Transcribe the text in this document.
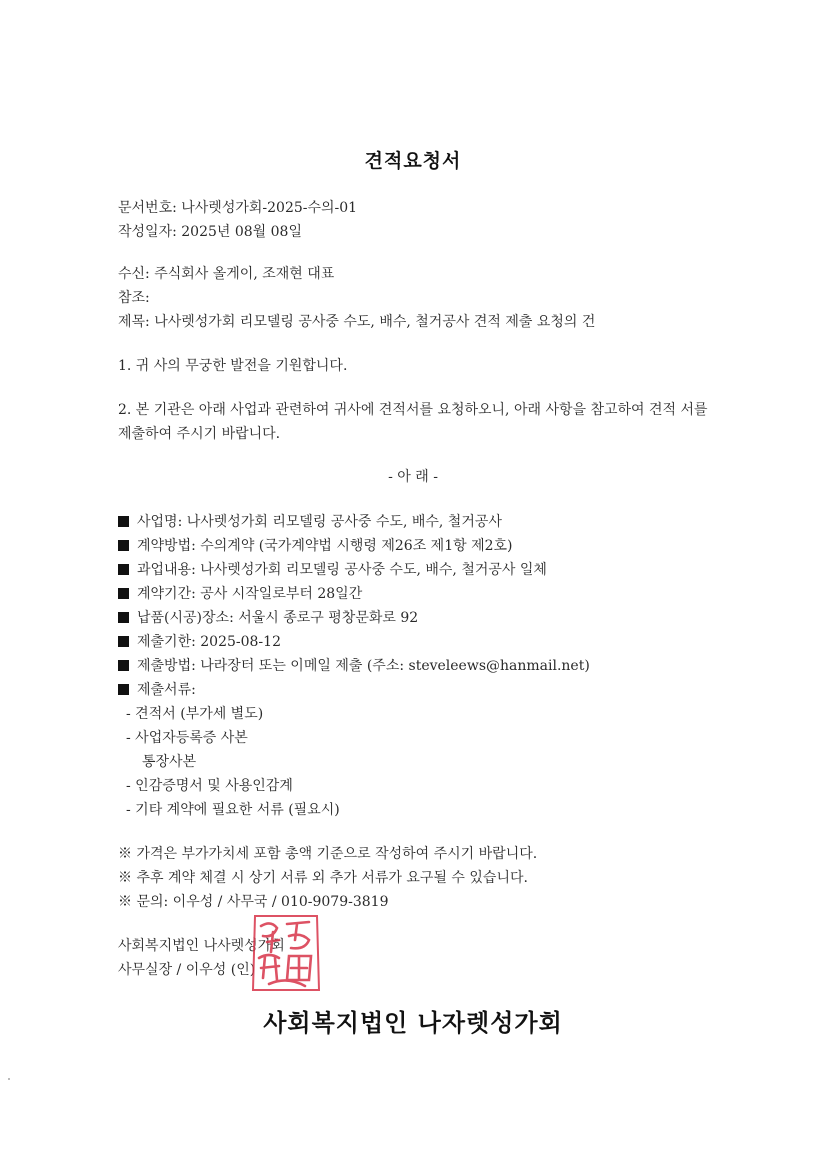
견적요청서
문서번호: 나사렛성가회-2025-수의-01
작성일자: 2025년 08월 08일
수신: 주식회사 올게이, 조재현 대표
참조:
제목: 나사렛성가회 리모델링 공사중 수도, 배수, 철거공사 견적 제출 요청의 건
1. 귀 사의 무궁한 발전을 기원합니다.
2. 본 기관은 아래 사업과 관련하여 귀사에 견적서를 요청하오니, 아래 사항을 참고하여 견적 서를 제출하여 주시기 바랍니다.
- 아 래 -
사업명: 나사렛성가회 리모델링 공사중 수도, 배수, 철거공사
계약방법: 수의계약 (국가계약법 시행령 제26조 제1항 제2호)
과업내용: 나사렛성가회 리모델링 공사중 수도, 배수, 철거공사 일체
계약기간: 공사 시작일로부터 28일간
납품(시공)장소: 서울시 종로구 평창문화로 92
제출기한: 2025-08-12
제출방법: 나라장터 또는 이메일 제출 (주소: steveleews@hanmail.net)
제출서류:
- 견적서 (부가세 별도)
- 사업자등록증 사본
통장사본
- 인감증명서 및 사용인감계
- 기타 계약에 필요한 서류 (필요시)
※ 가격은 부가가치세 포함 총액 기준으로 작성하여 주시기 바랍니다.
※ 추후 계약 체결 시 상기 서류 외 추가 서류가 요구될 수 있습니다.
※ 문의: 이우성 / 사무국 / 010-9079-3819
사회복지법인 나사렛성가회
사무실장 / 이우성 (인)
사회복지법인 나자렛성가회
